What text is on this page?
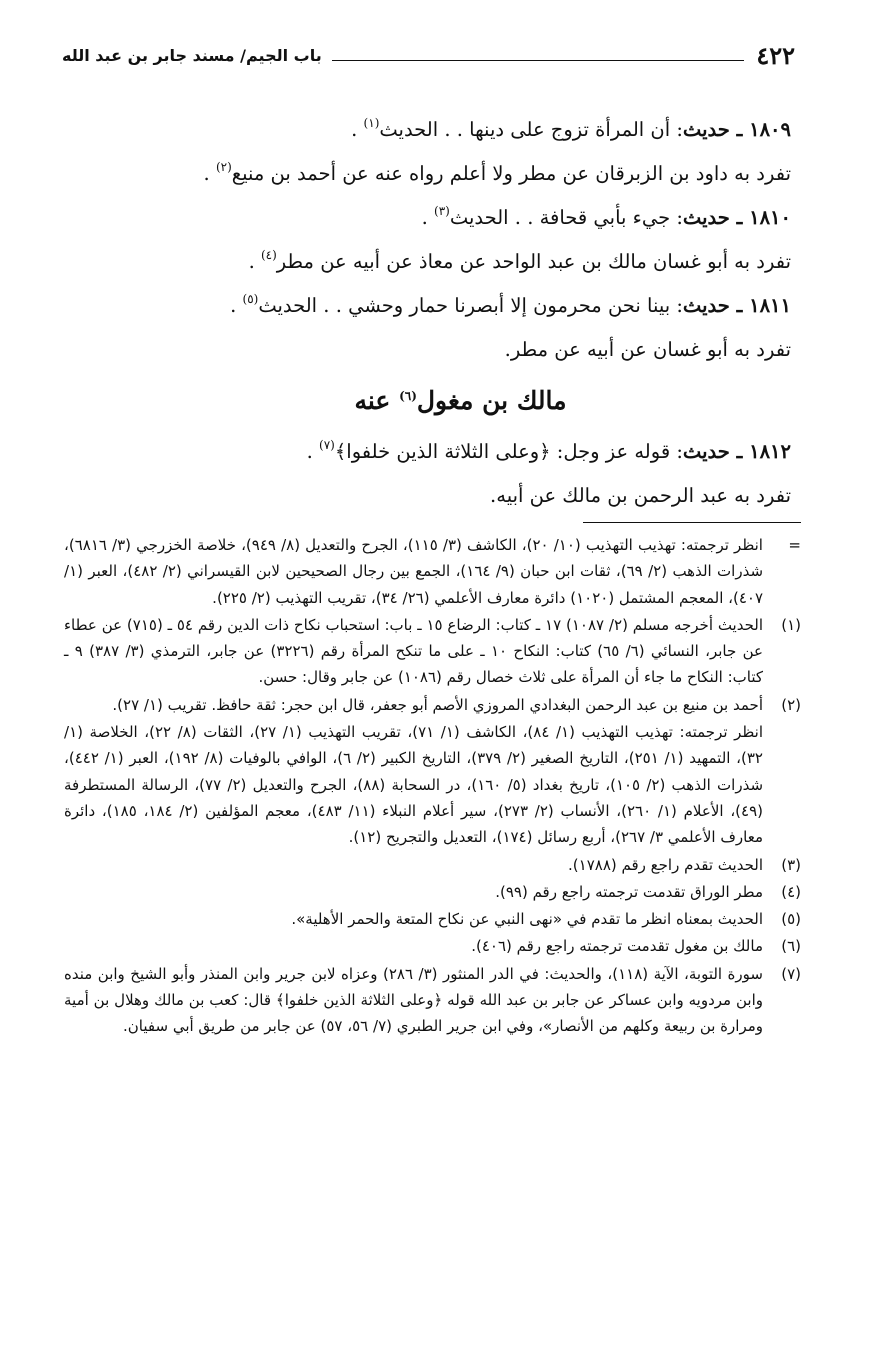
٤٢٢
باب الجيم/ مسند جابر بن عبد الله
١٨٠٩ ـ حديث: أن المرأة تزوج على دينها . . الحديث$^{(١)}$ .
تفرد به داود بن الزبرقان عن مطر ولا أعلم رواه عنه عن أحمد بن منيع$^{(٢)}$ .
١٨١٠ ـ حديث: جيء بأبي قحافة . . الحديث$^{(٣)}$ .
تفرد به أبو غسان مالك بن عبد الواحد عن معاذ عن أبيه عن مطر$^{(٤)}$ .
١٨١١ ـ حديث: بينا نحن محرمون إلا أبصرنا حمار وحشي . . الحديث$^{(٥)}$ .
تفرد به أبو غسان عن أبيه عن مطر.
مالك بن مغول$^{(٦)}$ عنه
١٨١٢ ـ حديث: قوله عز وجل: ﴿وعلى الثلاثة الذين خلفوا﴾$^{(٧)}$ .
تفرد به عبد الرحمن بن مالك عن أبيه.
=
انظر ترجمته: تهذيب التهذيب (١٠/ ٢٠)، الكاشف (٣/ ١١٥)، الجرح والتعديل (٨/ ٩٤٩)، خلاصة الخزرجي (٣/ ٦٨١٦)، شذرات الذهب (٢/ ٦٩)، ثقات ابن حبان (٩/ ١٦٤)، الجمع بين رجال الصحيحين لابن القيسراني (٢/ ٤٨٢)، العبر (١/ ٤٠٧)، المعجم المشتمل (١٠٢٠) دائرة معارف الأعلمي (٢٦/ ٣٤)، تقريب التهذيب (٢/ ٢٢٥).
(١)
الحديث أخرجه مسلم (٢/ ١٠٨٧) ١٧ ـ كتاب: الرضاع ١٥ ـ باب: استحباب نكاح ذات الدين رقم ٥٤ ـ (٧١٥) عن عطاء عن جابر، النسائي (٦/ ٦٥) كتاب: النكاح ١٠ ـ على ما تنكح المرأة رقم (٣٢٢٦) عن جابر، الترمذي (٣/ ٣٨٧) ٩ ـ كتاب: النكاح ما جاء أن المرأة على ثلاث خصال رقم (١٠٨٦) عن جابر وقال: حسن.
(٢)
أحمد بن منيع بن عبد الرحمن البغدادي المروزي الأصم أبو جعفر، قال ابن حجر: ثقة حافظ. تقريب (١/ ٢٧).
انظر ترجمته: تهذيب التهذيب (١/ ٨٤)، الكاشف (١/ ٧١)، تقريب التهذيب (١/ ٢٧)، الثقات (٨/ ٢٢)، الخلاصة (١/ ٣٢)، التمهيد (١/ ٢٥١)، التاريخ الصغير (٢/ ٣٧٩)، التاريخ الكبير (٢/ ٦)، الوافي بالوفيات (٨/ ١٩٢)، العبر (١/ ٤٤٢)، شذرات الذهب (٢/ ١٠٥)، تاريخ بغداد (٥/ ١٦٠)، در السحابة (٨٨)، الجرح والتعديل (٢/ ٧٧)، الرسالة المستطرفة (٤٩)، الأعلام (١/ ٢٦٠)، الأنساب (٢/ ٢٧٣)، سير أعلام النبلاء (١١/ ٤٨٣)، معجم المؤلفين (٢/ ١٨٤، ١٨٥)، دائرة معارف الأعلمي ٣/ ٢٦٧)، أربع رسائل (١٧٤)، التعديل والتجريح (١٢).
(٣)
الحديث تقدم راجع رقم (١٧٨٨).
(٤)
مطر الوراق تقدمت ترجمته راجع رقم (٩٩).
(٥)
الحديث بمعناه انظر ما تقدم في «نهى النبي عن نكاح المتعة والحمر الأهلية».
(٦)
مالك بن مغول تقدمت ترجمته راجع رقم (٤٠٦).
(٧)
سورة التوبة، الآية (١١٨)، والحديث: في الدر المنثور (٣/ ٢٨٦) وعزاه لابن جرير وابن المنذر وأبو الشيخ وابن منده وابن مردويه وابن عساكر عن جابر بن عبد الله قوله ﴿وعلى الثلاثة الذين خلفوا﴾ قال: كعب بن مالك وهلال بن أمية ومرارة بن ربيعة وكلهم من الأنصار»، وفي ابن جرير الطبري (٧/ ٥٦، ٥٧) عن جابر من طريق أبي سفيان.
